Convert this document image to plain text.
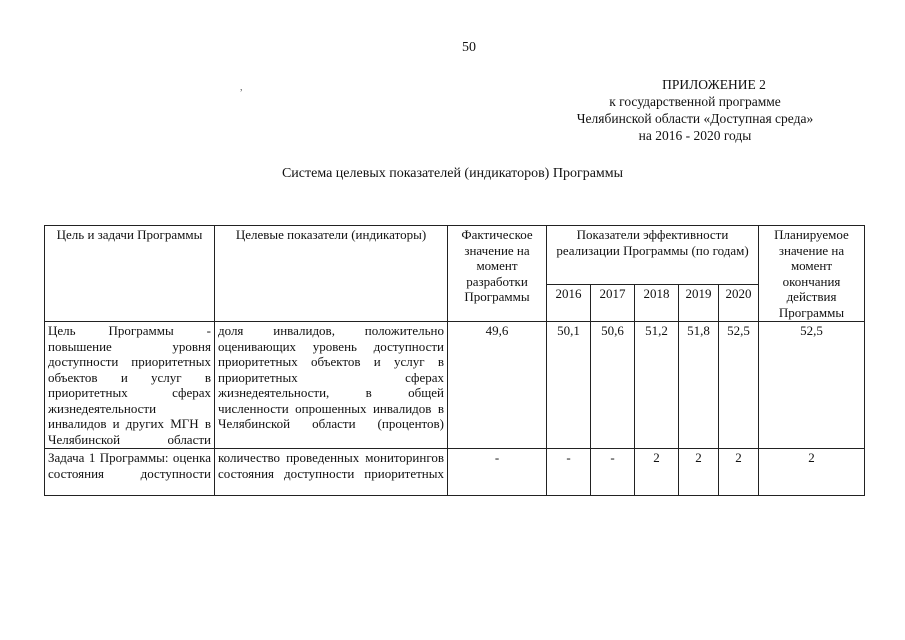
50
,	ПРИЛОЖЕНИЕ 2
к государственной программе
Челябинской области «Доступная среда»
на 2016 - 2020 годы
Система целевых показателей (индикаторов) Программы
Цель и задачи Программы	Целевые показатели (индикаторы)	Фактическое значение на момент разработки Программы	Показатели эффективности реализации Программы (по годам)					Планируемое значение на момент окончания действия Программы
			2016	2017	2018	2019	2020	
Цель Программы - повышение уровня доступности приоритетных объектов и услуг в приоритетных сферах жизнедеятельности инвалидов и других МГН в Челябинской области	доля инвалидов, положительно оценивающих уровень доступности приоритетных объектов и услуг в приоритетных сферах жизнедеятельности, в общей численности опрошенных инвалидов в Челябинской области (процентов)	49,6	50,1	50,6	51,2	51,8	52,5	52,5

Задача 1 Программы: оценка состояния доступности	количество проведенных мониторингов состояния доступности приоритетных	-	-	-	2	2	2	2
